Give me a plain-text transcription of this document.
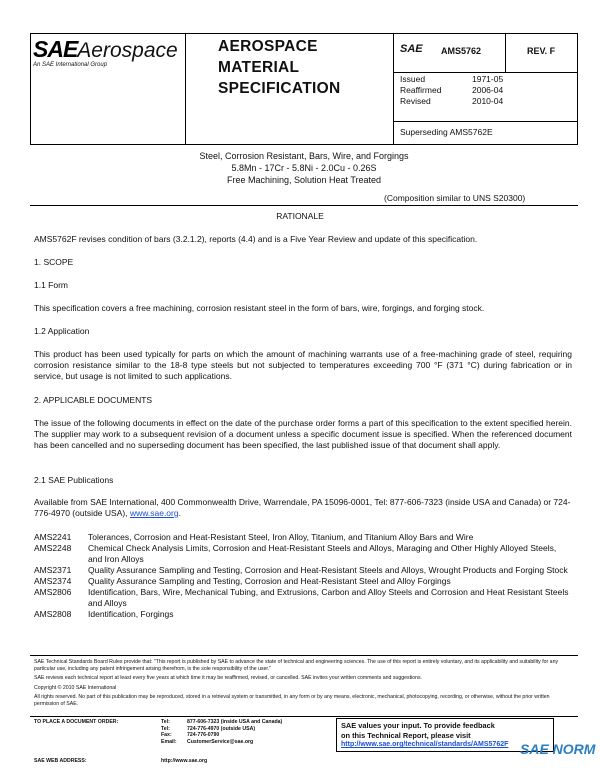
SAEAerospace
An SAE International Group
AEROSPACE
MATERIAL
SPECIFICATION
SAE AMS5762	REV. F
Issued	1971-05
Reaffirmed	2006-04
Revised	2010-04
Superseding AMS5762E
Steel, Corrosion Resistant, Bars, Wire, and Forgings
5.8Mn - 17Cr - 5.8Ni - 2.0Cu - 0.26S
Free Machining, Solution Heat Treated
(Composition similar to UNS S20300)
RATIONALE
AMS5762F revises condition of bars (3.2.1.2), reports (4.4) and is a Five Year Review and update of this specification.
1. SCOPE
1.1 Form
This specification covers a free machining, corrosion resistant steel in the form of bars, wire, forgings, and forging stock.
1.2 Application
This product has been used typically for parts on which the amount of machining warrants use of a free-machining grade of steel, requiring corrosion resistance similar to the 18-8 type steels but not subjected to temperatures exceeding 700 °F (371 °C) during fabrication or in service, but usage is not limited to such applications.
2. APPLICABLE DOCUMENTS
The issue of the following documents in effect on the date of the purchase order forms a part of this specification to the extent specified herein. The supplier may work to a subsequent revision of a document unless a specific document issue is specified. When the referenced document has been cancelled and no superseding document has been specified, the last published issue of that document shall apply.
2.1 SAE Publications
Available from SAE International, 400 Commonwealth Drive, Warrendale, PA 15096-0001, Tel: 877-606-7323 (inside USA and Canada) or 724-776-4970 (outside USA), www.sae.org.
AMS2241	Tolerances, Corrosion and Heat-Resistant Steel, Iron Alloy, Titanium, and Titanium Alloy Bars and Wire
AMS2248	Chemical Check Analysis Limits, Corrosion and Heat-Resistant Steels and Alloys, Maraging and Other Highly Alloyed Steels, and Iron Alloys
AMS2371	Quality Assurance Sampling and Testing, Corrosion and Heat-Resistant Steels and Alloys, Wrought Products and Forging Stock
AMS2374	Quality Assurance Sampling and Testing, Corrosion and Heat-Resistant Steel and Alloy Forgings
AMS2806	Identification, Bars, Wire, Mechanical Tubing, and Extrusions, Carbon and Alloy Steels and Corrosion and Heat Resistant Steels and Alloys
AMS2808	Identification, Forgings
SAE Technical Standards Board Rules provide that: "This report is published by SAE to advance the state of technical and engineering sciences. The use of this report is entirely voluntary, and its applicability and suitability for any particular use, including any patent infringement arising therefrom, is the sole responsibility of the user."
SAE reviews each technical report at least every five years at which time it may be reaffirmed, revised, or cancelled. SAE invites your written comments and suggestions.
Copyright © 2010 SAE International
All rights reserved. No part of this publication may be reproduced, stored in a retrieval system or transmitted, in any form or by any means, electronic, mechanical, photocopying, recording, or otherwise, without the prior written permission of SAE.
TO PLACE A DOCUMENT ORDER:	Tel:	877-606-7323 (inside USA and Canada)
Tel:	724-776-4970 (outside USA)
Fax:	724-776-0790
Email:	CustomerService@sae.org
SAE WEB ADDRESS:	http://www.sae.org
SAE values your input. To provide feedback
on this Technical Report, please visit
http://www.sae.org/technical/standards/AMS5762F SAE NORM
